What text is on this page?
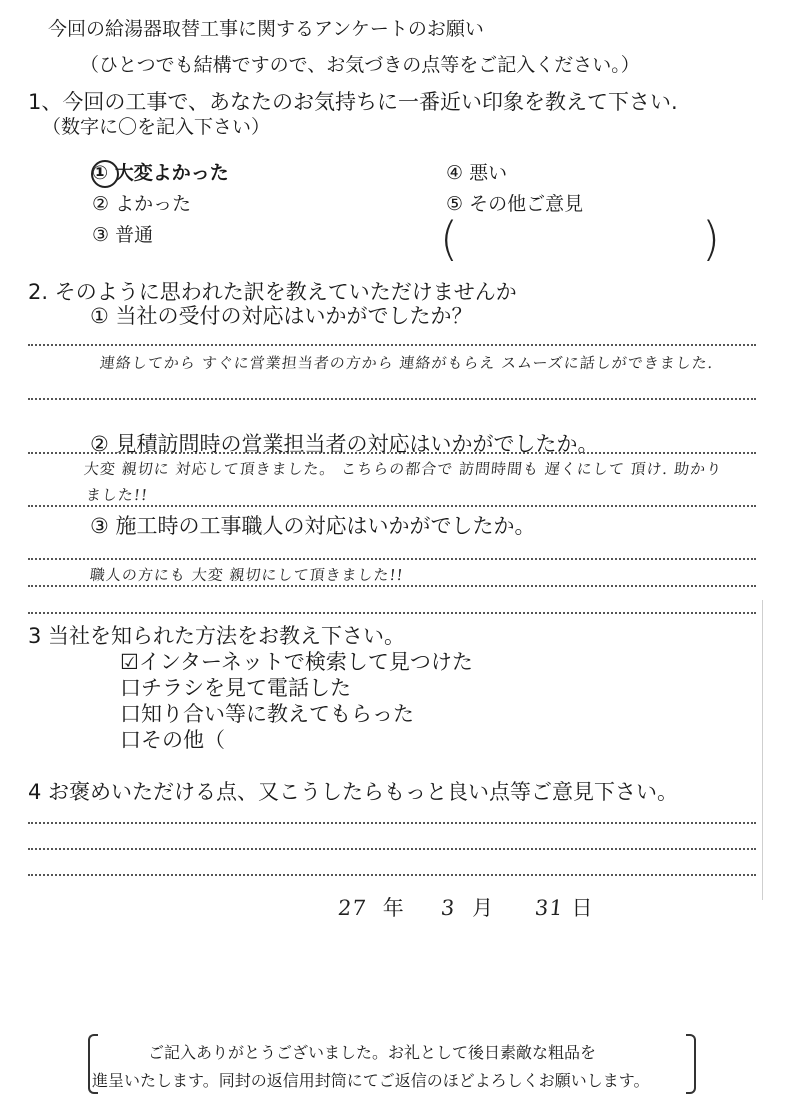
今回の給湯器取替工事に関するアンケートのお願い
（ひとつでも結構ですので、お気づきの点等をご記入ください。）
1、今回の工事で、あなたのお気持ちに一番近い印象を教えて下さい.
（数字に〇を記入下さい）
① 大変よかった
② よかった
③ 普通
④ 悪い
⑤ その他ご意見
(	)
2. そのように思われた訳を教えていただけませんか
① 当社の受付の対応はいかがでしたか？
連絡してから すぐに営業担当者の方から 連絡がもらえ スムーズに話しができました.
② 見積訪問時の営業担当者の対応はいかがでしたか。
大変 親切に 対応して頂きました。 こちらの都合で 訪問時間も 遅くにして 頂け. 助かり
ました!!
③ 施工時の工事職人の対応はいかがでしたか。
職人の方にも 大変 親切にして頂きました!!
3 当社を知られた方法をお教え下さい。
☑インターネットで検索して見つけた
口チラシを見て電話した
口知り合い等に教えてもらった
口その他（
4 お褒めいただける点、又こうしたらもっと良い点等ご意見下さい。
27 年 3 月 31 日
ご記入ありがとうございました。お礼として後日素敵な粗品を
進呈いたします。同封の返信用封筒にてご返信のほどよろしくお願いします。
